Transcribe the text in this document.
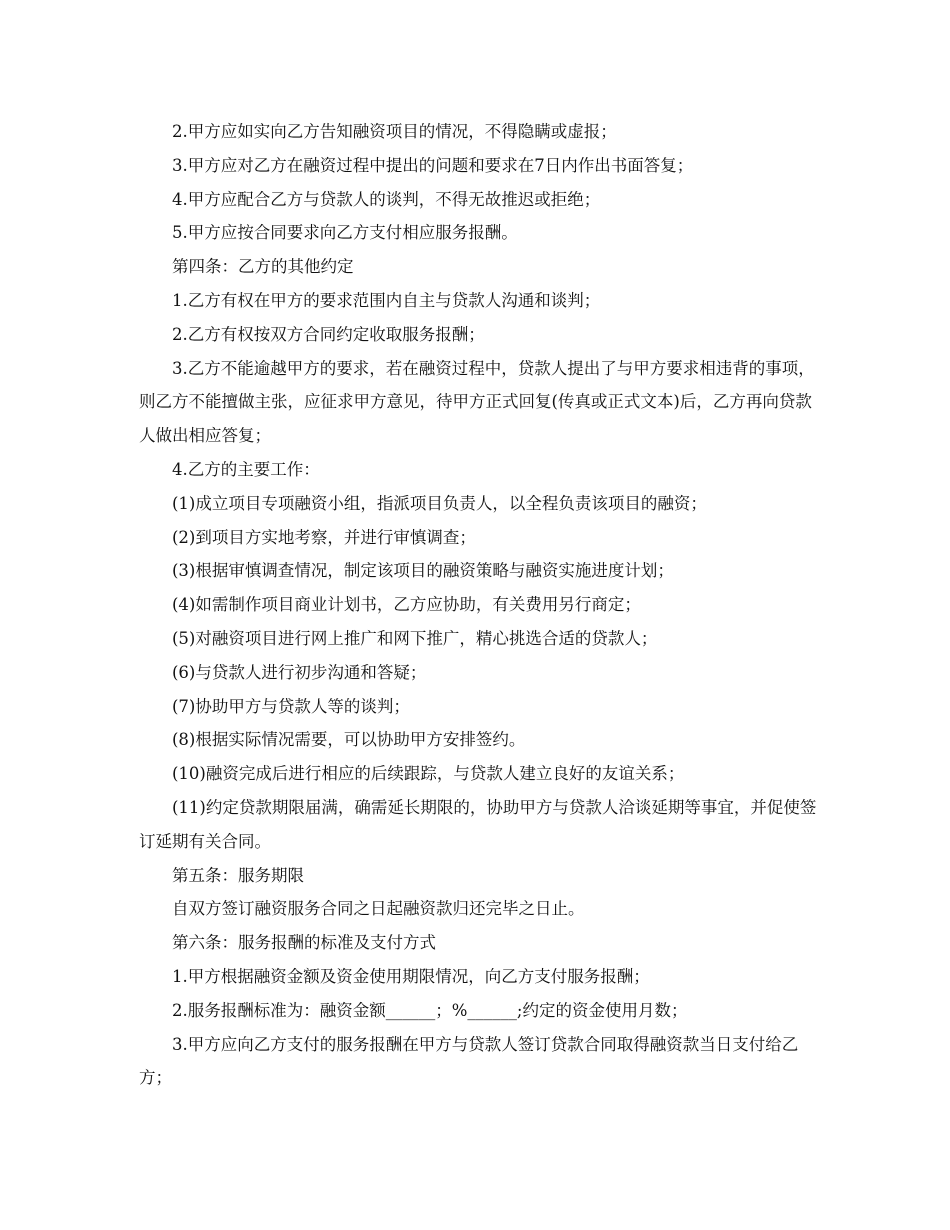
2.甲方应如实向乙方告知融资项目的情况，不得隐瞒或虚报；

3.甲方应对乙方在融资过程中提出的问题和要求在7日内作出书面答复；

4.甲方应配合乙方与贷款人的谈判，不得无故推迟或拒绝；

5.甲方应按合同要求向乙方支付相应服务报酬。

第四条：乙方的其他约定

1.乙方有权在甲方的要求范围内自主与贷款人沟通和谈判；

2.乙方有权按双方合同约定收取服务报酬；

3.乙方不能逾越甲方的要求，若在融资过程中，贷款人提出了与甲方要求相违背的事项，则乙方不能擅做主张，应征求甲方意见，待甲方正式回复(传真或正式文本)后，乙方再向贷款人做出相应答复；

4.乙方的主要工作：

(1)成立项目专项融资小组，指派项目负责人，以全程负责该项目的融资；

(2)到项目方实地考察，并进行审慎调查；

(3)根据审慎调查情况，制定该项目的融资策略与融资实施进度计划；

(4)如需制作项目商业计划书，乙方应协助，有关费用另行商定；

(5)对融资项目进行网上推广和网下推广，精心挑选合适的贷款人；

(6)与贷款人进行初步沟通和答疑；

(7)协助甲方与贷款人等的谈判；

(8)根据实际情况需要，可以协助甲方安排签约。

(10)融资完成后进行相应的后续跟踪，与贷款人建立良好的友谊关系；

(11)约定贷款期限届满，确需延长期限的，协助甲方与贷款人洽谈延期等事宜，并促使签订延期有关合同。

第五条：服务期限

自双方签订融资服务合同之日起融资款归还完毕之日止。

第六条：服务报酬的标准及支付方式

1.甲方根据融资金额及资金使用期限情况，向乙方支付服务报酬；

2.服务报酬标准为：融资金额______；%______;约定的资金使用月数；

3.甲方应向乙方支付的服务报酬在甲方与贷款人签订贷款合同取得融资款当日支付给乙方；
